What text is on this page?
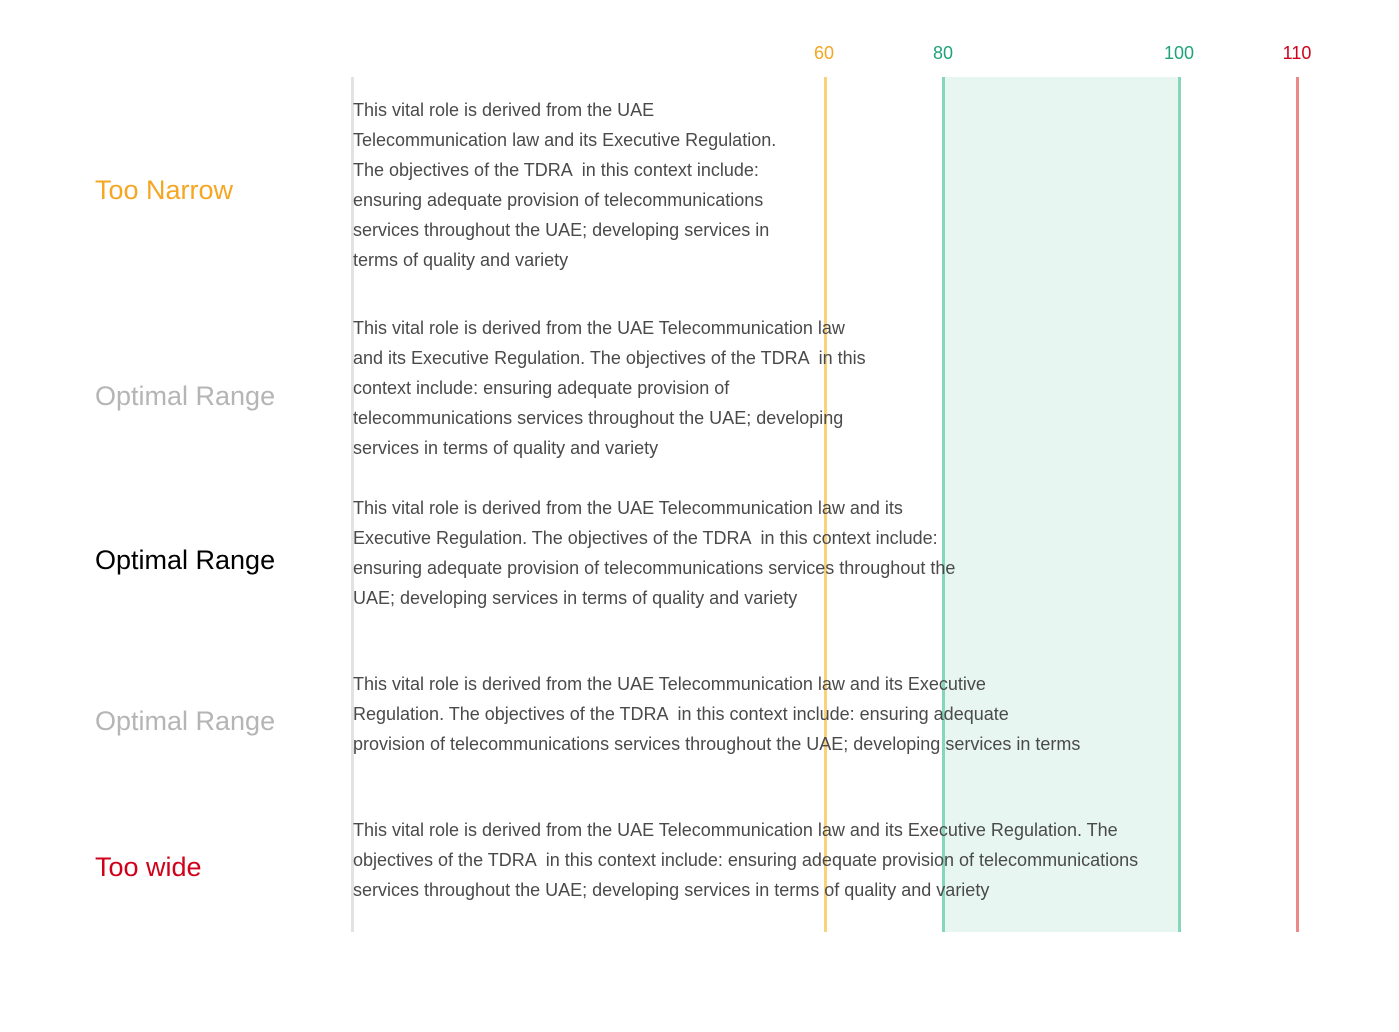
60	80	100	110
Too Narrow

This vital role is derived from the UAE
Telecommunication law and its Executive Regulation.
The objectives of the TDRA  in this context include:
ensuring adequate provision of telecommunications
services throughout the UAE; developing services in
terms of quality and variety

Optimal Range

This vital role is derived from the UAE Telecommunication law
and its Executive Regulation. The objectives of the TDRA  in this
context include: ensuring adequate provision of
telecommunications services throughout the UAE; developing
services in terms of quality and variety

Optimal Range

This vital role is derived from the UAE Telecommunication law and its
Executive Regulation. The objectives of the TDRA  in this context include:
ensuring adequate provision of telecommunications services throughout the
UAE; developing services in terms of quality and variety

Optimal Range

This vital role is derived from the UAE Telecommunication law and its Executive
Regulation. The objectives of the TDRA  in this context include: ensuring adequate
provision of telecommunications services throughout the UAE; developing services in terms

Too wide

This vital role is derived from the UAE Telecommunication law and its Executive Regulation. The
objectives of the TDRA  in this context include: ensuring adequate provision of telecommunications
services throughout the UAE; developing services in terms of quality and variety
